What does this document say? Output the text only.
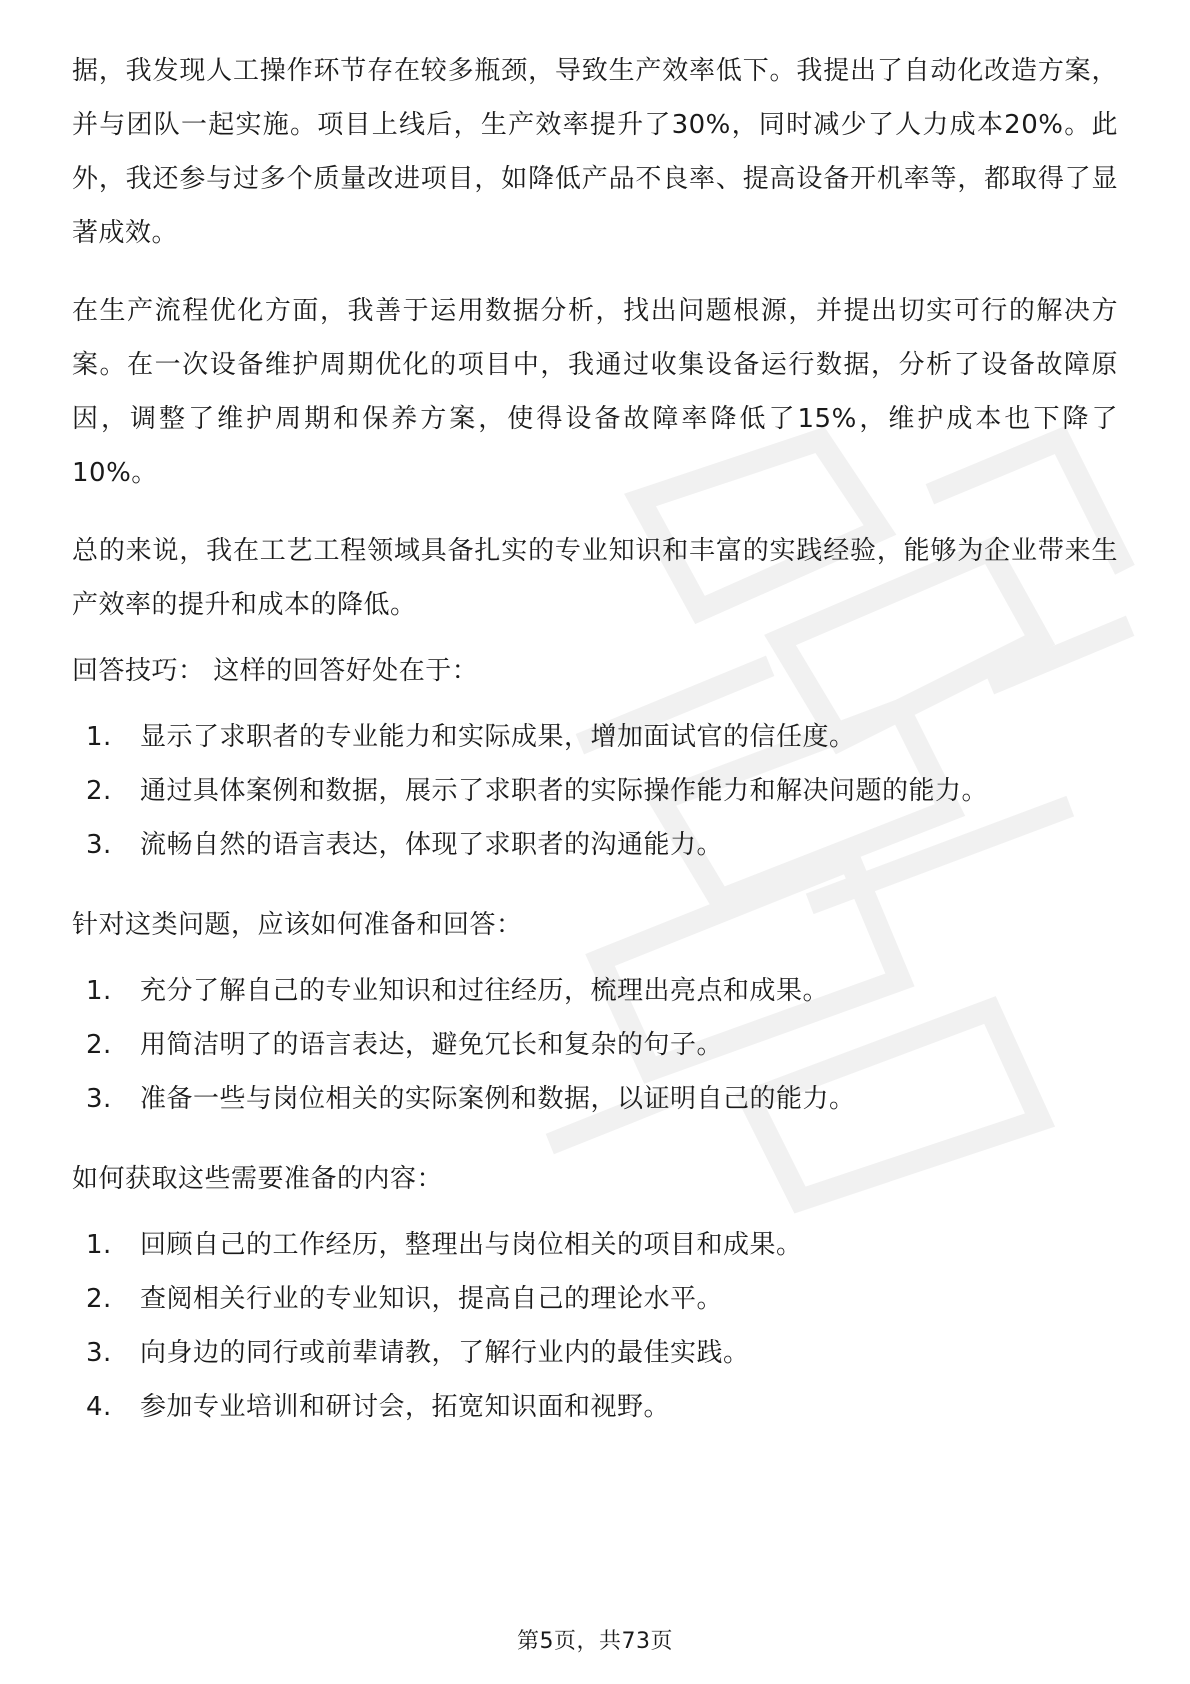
据，我发现人工操作环节存在较多瓶颈，导致生产效率低下。我提出了自动化改造方案，并与团队一起实施。项目上线后，生产效率提升了30%，同时减少了人力成本20%。此外，我还参与过多个质量改进项目，如降低产品不良率、提高设备开机率等，都取得了显著成效。

在生产流程优化方面，我善于运用数据分析，找出问题根源，并提出切实可行的解决方案。在一次设备维护周期优化的项目中，我通过收集设备运行数据，分析了设备故障原因，调整了维护周期和保养方案，使得设备故障率降低了15%，维护成本也下降了10%。

总的来说，我在工艺工程领域具备扎实的专业知识和丰富的实践经验，能够为企业带来生产效率的提升和成本的降低。

回答技巧： 这样的回答好处在于：

1.	显示了求职者的专业能力和实际成果，增加面试官的信任度。
2.	通过具体案例和数据，展示了求职者的实际操作能力和解决问题的能力。
3.	流畅自然的语言表达，体现了求职者的沟通能力。

针对这类问题，应该如何准备和回答：

1.	充分了解自己的专业知识和过往经历，梳理出亮点和成果。
2.	用简洁明了的语言表达，避免冗长和复杂的句子。
3.	准备一些与岗位相关的实际案例和数据，以证明自己的能力。

如何获取这些需要准备的内容：

1.	回顾自己的工作经历，整理出与岗位相关的项目和成果。
2.	查阅相关行业的专业知识，提高自己的理论水平。
3.	向身边的同行或前辈请教，了解行业内的最佳实践。
4.	参加专业培训和研讨会，拓宽知识面和视野。
第5页，共73页
